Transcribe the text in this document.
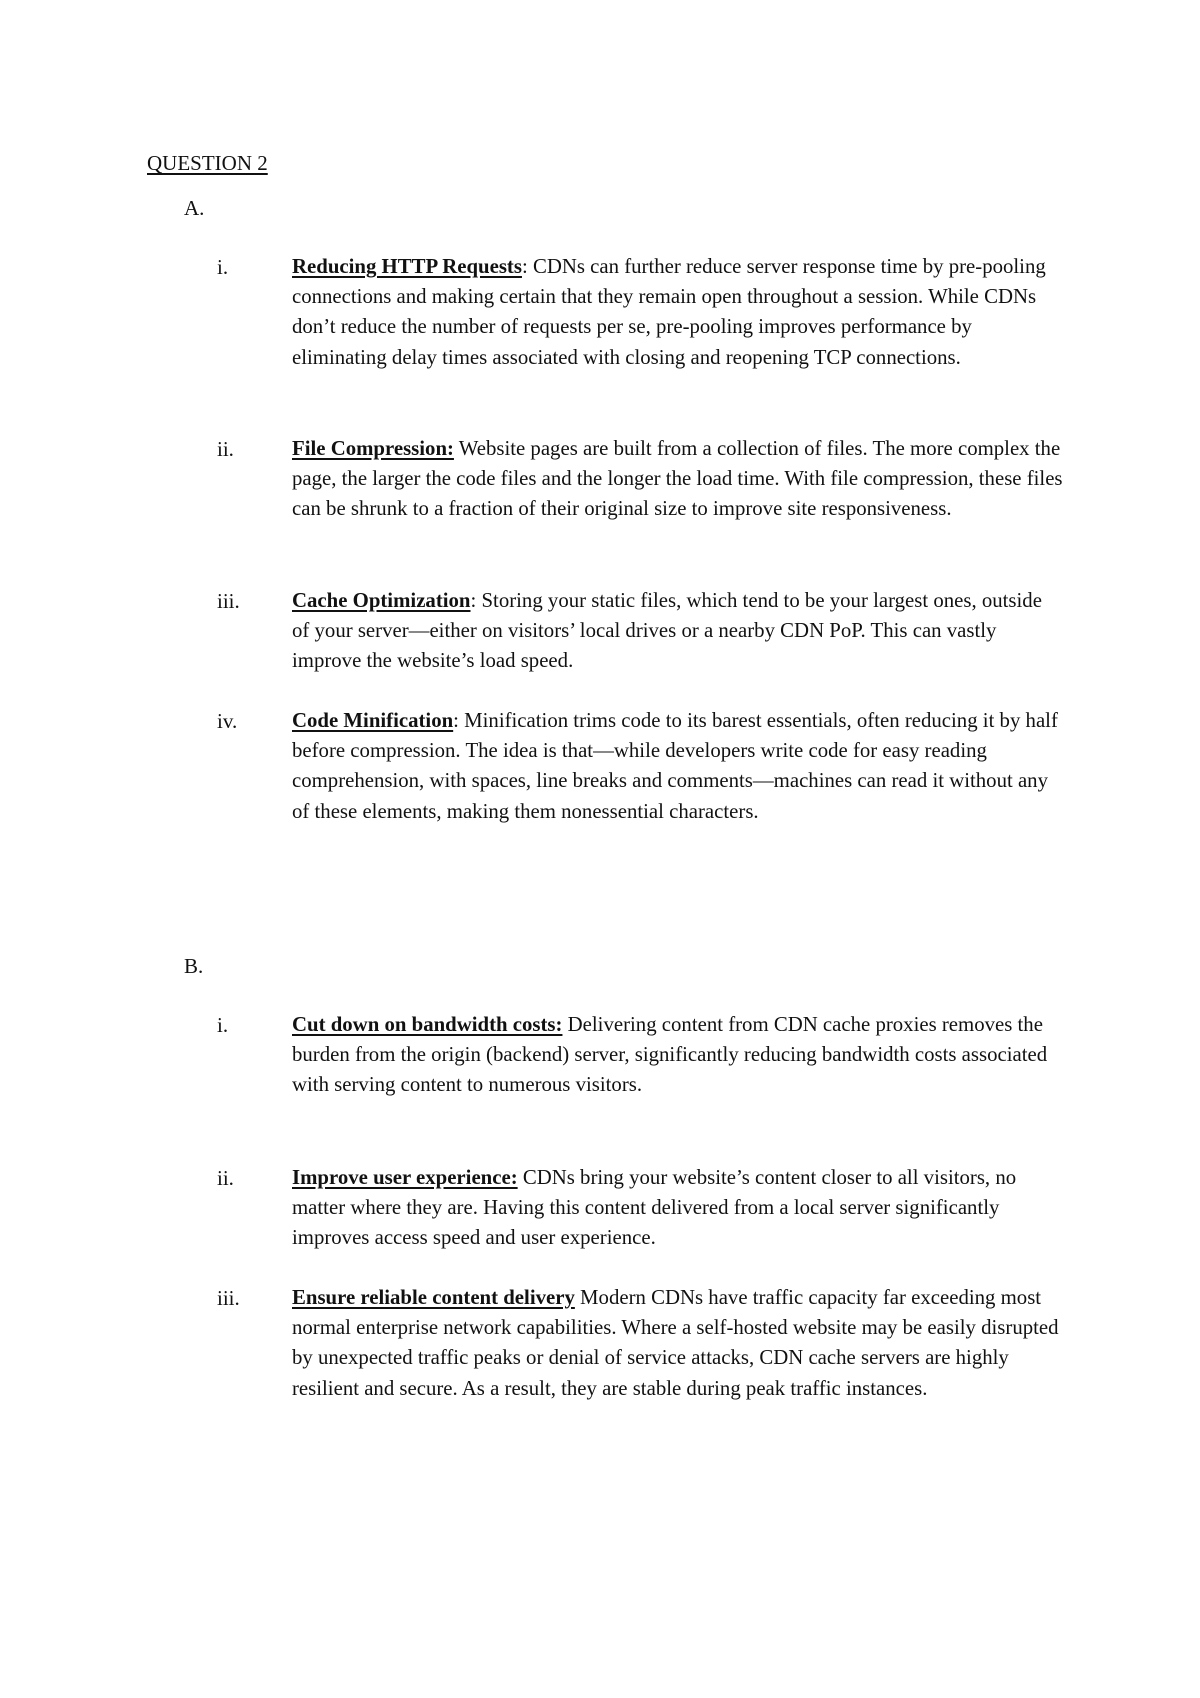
QUESTION 2
A.
i.	Reducing HTTP Requests: CDNs can further reduce server response time by pre-pooling connections and making certain that they remain open throughout a session. While CDNs don’t reduce the number of requests per se, pre-pooling improves performance by eliminating delay times associated with closing and reopening TCP connections.

ii.	File Compression: Website pages are built from a collection of files. The more complex the page, the larger the code files and the longer the load time. With file compression, these files can be shrunk to a fraction of their original size to improve site responsiveness.

iii.	Cache Optimization: Storing your static files, which tend to be your largest ones, outside of your server—either on visitors’ local drives or a nearby CDN PoP. This can vastly improve the website’s load speed.

iv.	Code Minification: Minification trims code to its barest essentials, often reducing it by half before compression. The idea is that—while developers write code for easy reading comprehension, with spaces, line breaks and comments—machines can read it without any of these elements, making them nonessential characters.

B.
i.	Cut down on bandwidth costs: Delivering content from CDN cache proxies removes the burden from the origin (backend) server, significantly reducing bandwidth costs associated with serving content to numerous visitors.

ii.	Improve user experience: CDNs bring your website’s content closer to all visitors, no matter where they are. Having this content delivered from a local server significantly improves access speed and user experience.

iii.	Ensure reliable content delivery Modern CDNs have traffic capacity far exceeding most normal enterprise network capabilities. Where a self-hosted website may be easily disrupted by unexpected traffic peaks or denial of service attacks, CDN cache servers are highly resilient and secure. As a result, they are stable during peak traffic instances.
